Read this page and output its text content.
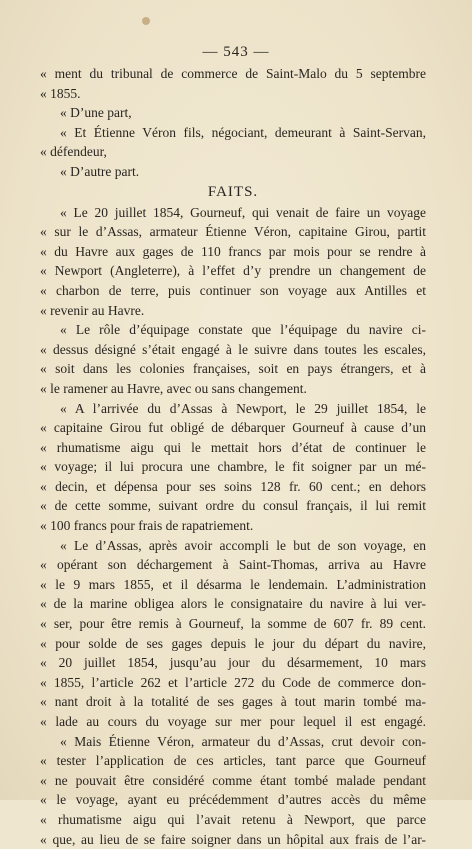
— 543 —
« ment du tribunal de commerce de Saint-Malo du 5 septembre
« 1855.
« D’une part,
« Et Étienne Véron fils, négociant, demeurant à Saint-Servan,
« défendeur,
« D’autre part.
FAITS.
« Le 20 juillet 1854, Gourneuf, qui venait de faire un voyage
« sur le d’Assas, armateur Étienne Véron, capitaine Girou, partit
« du Havre aux gages de 110 francs par mois pour se rendre à
« Newport (Angleterre), à l’effet d’y prendre un changement de
« charbon de terre, puis continuer son voyage aux Antilles et
« revenir au Havre.
« Le rôle d’équipage constate que l’équipage du navire ci-
« dessus désigné s’était engagé à le suivre dans toutes les escales,
« soit dans les colonies françaises, soit en pays étrangers, et à
« le ramener au Havre, avec ou sans changement.
« A l’arrivée du d’Assas à Newport, le 29 juillet 1854, le
« capitaine Girou fut obligé de débarquer Gourneuf à cause d’un
« rhumatisme aigu qui le mettait hors d’état de continuer le
« voyage; il lui procura une chambre, le fit soigner par un mé-
« decin, et dépensa pour ses soins 128 fr. 60 cent.; en dehors
« de cette somme, suivant ordre du consul français, il lui remit
« 100 francs pour frais de rapatriement.
« Le d’Assas, après avoir accompli le but de son voyage, en
« opérant son déchargement à Saint-Thomas, arriva au Havre
« le 9 mars 1855, et il désarma le lendemain. L’administration
« de la marine obligea alors le consignataire du navire à lui ver-
« ser, pour être remis à Gourneuf, la somme de 607 fr. 89 cent.
« pour solde de ses gages depuis le jour du départ du navire,
« 20 juillet 1854, jusqu’au jour du désarmement, 10 mars
« 1855, l’article 262 et l’article 272 du Code de commerce don-
« nant droit à la totalité de ses gages à tout marin tombé ma-
« lade au cours du voyage sur mer pour lequel il est engagé.
« Mais Étienne Véron, armateur du d’Assas, crut devoir con-
« tester l’application de ces articles, tant parce que Gourneuf
« ne pouvait être considéré comme étant tombé malade pendant
« le voyage, ayant eu précédemment d’autres accès du même
« rhumatisme aigu qui l’avait retenu à Newport, que parce
« que, au lieu de se faire soigner dans un hôpital aux frais de l’ar-
